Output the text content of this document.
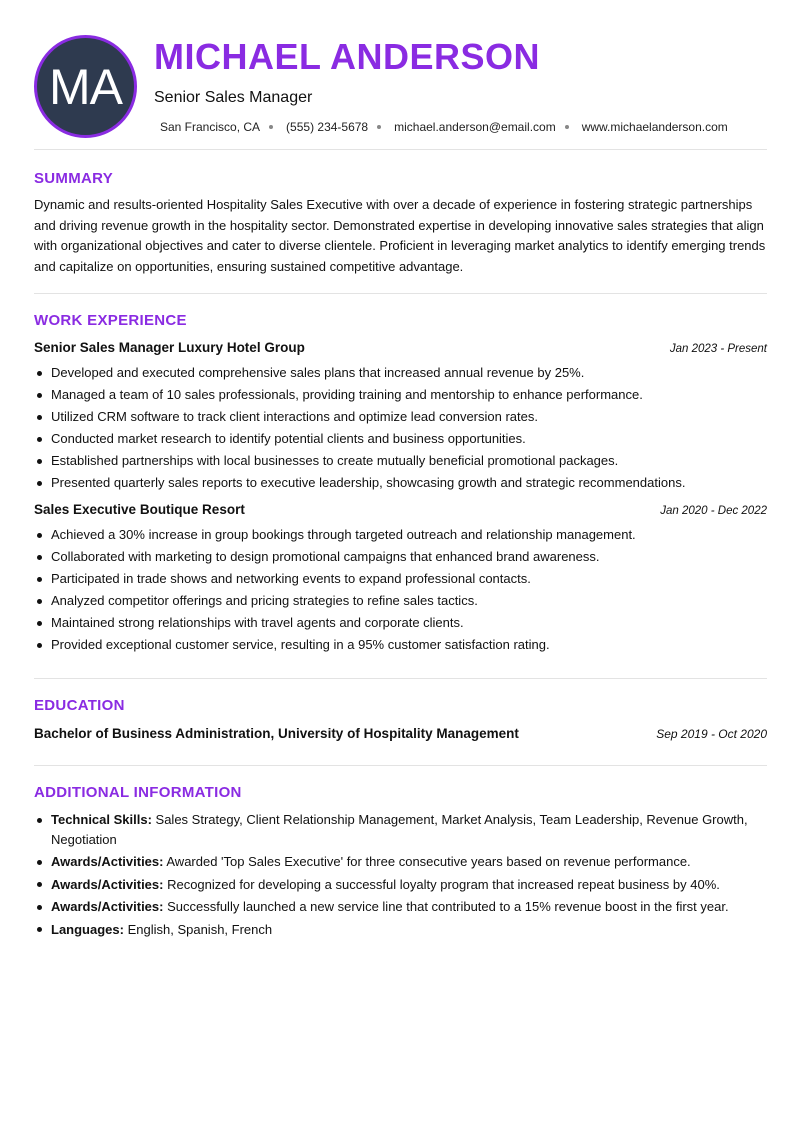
MA
MICHAEL ANDERSON
Senior Sales Manager
San Francisco, CA (555) 234-5678 michael.anderson@email.com www.michaelanderson.com
SUMMARY

Dynamic and results-oriented Hospitality Sales Executive with over a decade of experience in fostering strategic partnerships and driving revenue growth in the hospitality sector. Demonstrated expertise in developing innovative sales strategies that align with organizational objectives and cater to diverse clientele. Proficient in leveraging market analytics to identify emerging trends and capitalize on opportunities, ensuring sustained competitive advantage.

WORK EXPERIENCE
Senior Sales Manager Luxury Hotel Group	Jan 2023 - Present
Developed and executed comprehensive sales plans that increased annual revenue by 25%.
Managed a team of 10 sales professionals, providing training and mentorship to enhance performance.
Utilized CRM software to track client interactions and optimize lead conversion rates.
Conducted market research to identify potential clients and business opportunities.
Established partnerships with local businesses to create mutually beneficial promotional packages.
Presented quarterly sales reports to executive leadership, showcasing growth and strategic recommendations.
Sales Executive Boutique Resort	Jan 2020 - Dec 2022
Achieved a 30% increase in group bookings through targeted outreach and relationship management.
Collaborated with marketing to design promotional campaigns that enhanced brand awareness.
Participated in trade shows and networking events to expand professional contacts.
Analyzed competitor offerings and pricing strategies to refine sales tactics.
Maintained strong relationships with travel agents and corporate clients.
Provided exceptional customer service, resulting in a 95% customer satisfaction rating.
EDUCATION
Bachelor of Business Administration, University of Hospitality Management	Sep 2019 - Oct 2020
ADDITIONAL INFORMATION
Technical Skills: Sales Strategy, Client Relationship Management, Market Analysis, Team Leadership, Revenue Growth, Negotiation
Awards/Activities: Awarded 'Top Sales Executive' for three consecutive years based on revenue performance.
Awards/Activities: Recognized for developing a successful loyalty program that increased repeat business by 40%.
Awards/Activities: Successfully launched a new service line that contributed to a 15% revenue boost in the first year.
Languages: English, Spanish, French
